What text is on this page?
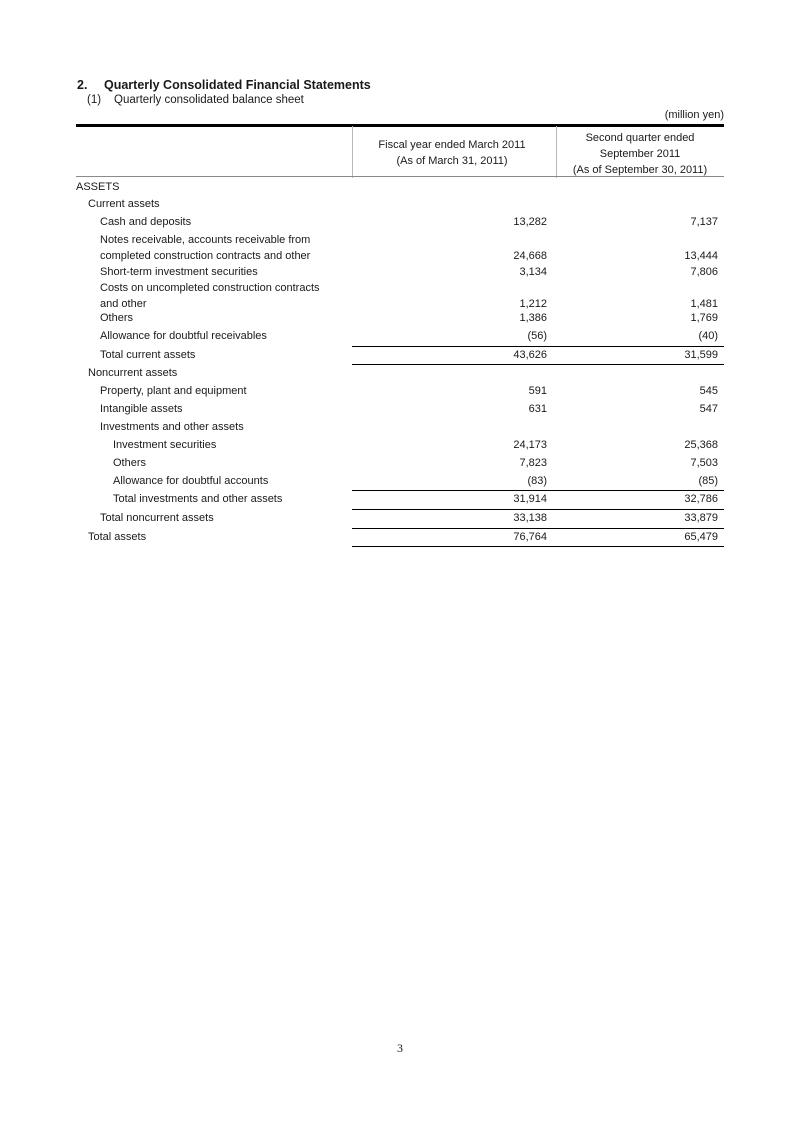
2. Quarterly Consolidated Financial Statements
(1) Quarterly consolidated balance sheet
(million yen)
Fiscal year ended March 2011
(As of March 31, 2011)
Second quarter ended
September 2011
(As of September 30, 2011)
ASSETS
Current assets
Cash and deposits	13,282	7,137
Notes receivable, accounts receivable from
completed construction contracts and other	24,668	13,444
Short-term investment securities	3,134	7,806
Costs on uncompleted construction contracts
and other	1,212	1,481
Others	1,386	1,769
Allowance for doubtful receivables	(56)	(40)
Total current assets	43,626	31,599
Noncurrent assets
Property, plant and equipment	591	545
Intangible assets	631	547
Investments and other assets
Investment securities	24,173	25,368
Others	7,823	7,503
Allowance for doubtful accounts	(83)	(85)
Total investments and other assets	31,914	32,786
Total noncurrent assets	33,138	33,879
Total assets	76,764	65,479
3
